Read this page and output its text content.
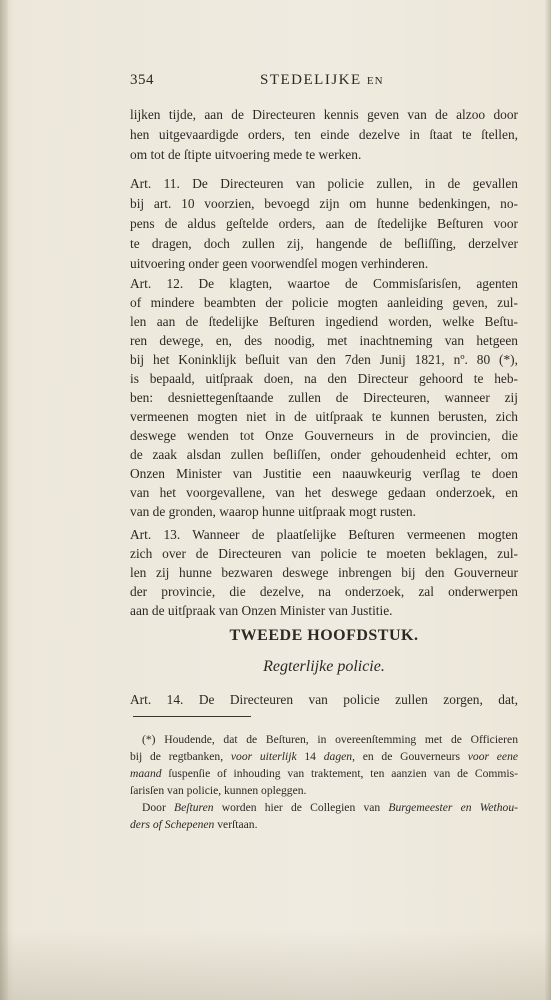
354	STEDELIJKE EN
lijken tijde, aan de Directeuren kennis geven van de alzoo door
hen uitgevaardigde orders, ten einde dezelve in ſtaat te ſtellen,
om tot de ſtipte uitvoering mede te werken.
Art. 11. De Directeuren van policie zullen, in de gevallen
bij art. 10 voorzien, bevoegd zijn om hunne bedenkingen, no-
pens de aldus geſtelde orders, aan de ſtedelijke Beſturen voor
te dragen, doch zullen zij, hangende de beſliſſing, derzelver
uitvoering onder geen voorwendſel mogen verhinderen.
Art. 12. De klagten, waartoe de Commisſarisſen, agenten
of mindere beambten der policie mogten aanleiding geven, zul-
len aan de ſtedelijke Beſturen ingediend worden, welke Beſtu-
ren dewege, en, des noodig, met inachtneming van hetgeen
bij het Koninklijk beſluit van den 7den Junij 1821, nº. 80 (*),
is bepaald, uitſpraak doen, na den Directeur gehoord te heb-
ben: desniettegenſtaande zullen de Directeuren, wanneer zij
vermeenen mogten niet in de uitſpraak te kunnen berusten, zich
deswege wenden tot Onze Gouverneurs in de provincien, die
de zaak alsdan zullen beſliſſen, onder gehoudenheid echter, om
Onzen Minister van Justitie een naauwkeurig verſlag te doen
van het voorgevallene, van het deswege gedaan onderzoek, en
van de gronden, waarop hunne uitſpraak mogt rusten.
Art. 13. Wanneer de plaatſelijke Beſturen vermeenen mogten
zich over de Directeuren van policie te moeten beklagen, zul-
len zij hunne bezwaren deswege inbrengen bij den Gouverneur
der provincie, die dezelve, na onderzoek, zal onderwerpen
aan de uitſpraak van Onzen Minister van Justitie.
TWEEDE HOOFDSTUK.
Regterlijke policie.
Art. 14. De Directeuren van policie zullen zorgen, dat,
(*) Houdende, dat de Beſturen, in overeenſtemming met de Officieren
bij de regtbanken, voor uiterlijk 14 dagen, en de Gouverneurs voor eene
maand ſuspenſie of inhouding van traktement, ten aanzien van de Commis-
ſarisſen van policie, kunnen opleggen.
Door Beſturen worden hier de Collegien van Burgemeester en Wethou-
ders of Schepenen verſtaan.
